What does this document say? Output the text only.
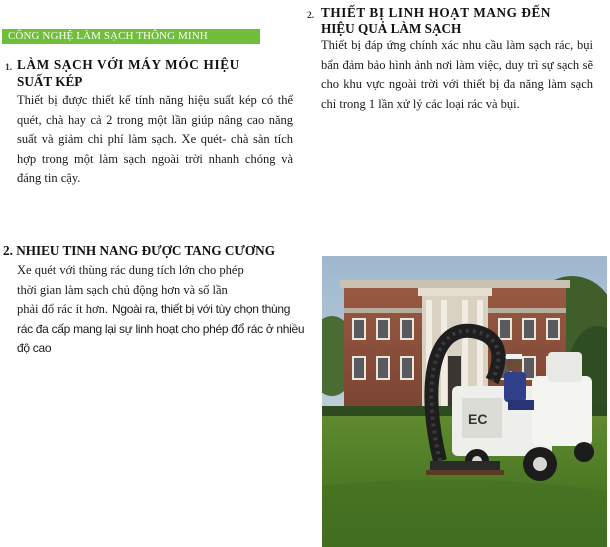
CÔNG NGHỆ LÀM SẠCH THÔNG MINH
1. LÀM SẠCH VỚI MÁY MÓC HIỆU
SUẤT KÉP
Thiết bị được thiết kế tính năng hiệu suất kép có thể quét, chà hay cả 2 trong một lần giúp nâng cao năng suất và giảm chi phí làm sạch. Xe quét- chà sàn tích hợp trong một làm sạch ngoài trời nhanh chóng và đáng tin cậy.
2. THIẾT BỊ LINH HOẠT MANG ĐẾN
HIỆU QUẢ LÀM SẠCH
Thiết bị đáp ứng chính xác nhu cầu làm sạch rác, bụi bẩn đảm bảo hình ảnh nơi làm việc, duy trì sự sạch sẽ cho khu vực ngoài trời với thiết bị đa năng làm sạch chỉ trong 1 lần xử lý các loại rác và bụi.
2. NHIEU TINH NANG ĐƯỢC TANG CƯƠNG
Xe quét với thùng rác dung tích lớn cho phép
thời gian làm sạch chủ động hơn và số lần
phải đổ rác ít hơn. Ngoài ra, thiết bị với tùy chọn thùng rác đa cấp mang lại sự linh hoạt cho phép đổ rác ở nhiều độ cao
EC
